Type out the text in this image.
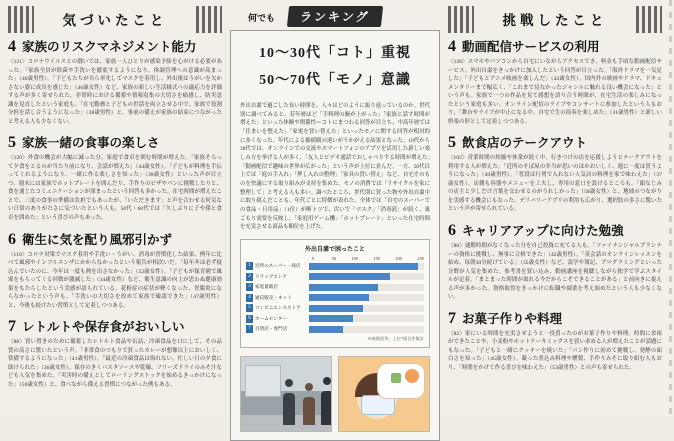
気づいたこと
4 家族のリスクマネジメント能力
〈121〉コロナウイルスとの闘いでは、家族一人ひとりが感染予防を心がける必要があった。「家族全員が除菌や手洗いを徹底するようになり、体調管理への意識が高まった」（40歳男性）。「子どもたちが自ら率先してマスクを着用し、外出後はうがいを欠かさない姿に成長を感じた」（46歳女性）など、家族の新しい生活様式への適応力を評価する声が多く寄せられた。非常時における備蓄や情報収集の大切さを痛感し、防災意識を見直したという家庭も。「在宅勤務と子どもの世話を両立させる中で、家族で役割分担を話し合うようになった」（38歳男性）と、事前の備えが家族の結束につながったと考える人も少なくない。
5 家族一緒の食事の楽しさ
〈120〉外食の機会が大幅に減った分、家庭で食卓を囲む時間が増えた。「家族そろって夕食をとるのが当たり前になり、会話が増えた」（44歳女性）。「子どもが料理を手伝ってくれるようになり、一緒に作る楽しさを知った」（39歳女性）といった声が目立つ。週末には家族でホットプレートを囲んだり、手作りのピザやパンに挑戦したりと、食を通じたコミュニケーションが深まったという回答も多かった。在宅時間が増えたことで、三度の食事の準備は負担でもあったが、「いただきます」と声を合わせる何気ない日常のありがたさに気づいたという人も。50代・60代では「久しぶりに子や孫と食卓を囲めた」という喜びの声もあった。
6 衛生に気を配り風邪引かず
〈110〉コロナ対策でマスク着用や手洗い・うがい、消毒が習慣化した結果、例年に比べて風邪やインフルエンザにかからなかったという報告が相次いだ。「毎年冬は必ず寝込んでいたのに、今年は一度も熱を出さなかった」（52歳女性）。「子どもが保育園で風邪をもらってくる回数が激減した」（34歳女性）など、衛生意識の向上が思わぬ健康効果をもたらしたという実感が語られている。花粉症の症状が軽くなった、胃腸炎にならなかったという声も。「手洗いの大切さを改めて家族で確認できた」（47歳男性）と、今後も続けたい習慣として定着しつつある。
7 レトルトや保存食がおいしい
〈88〉買い置きのために備蓄したレトルト食品や缶詰、冷凍食品を口にして、その品質の高さに驚いたという声。「非常食のつもりで買ったカレーが想像以上においしく、常備するようになった」（41歳男性）。「最近の冷凍食品は侮れない。忙しい日の夕食に助けられた」（36歳女性）。保存のきくパスタソースや乾麺、フリーズドライのみそ汁なども人気を集めた。「災害時の備えとしてローリングストックを始めるきっかけになった」（50歳女性）と、食べながら備える習慣につながった例もある。
何でも ランキング
10〜30代「コト」重視
50〜70代「モノ」意識
外出自粛で過ごした長い時間を、人々はどのように振り返っているのか。世代別に調べてみると、若年層ほど「手料理の腕が上がった」「家族と話す時間が増えた」といった体験や関係性＝コトにまつわる回答が目立ち、中高年層では「住まいを整えた」「家電を買い替えた」といったモノに関する回答が相対的に多くなった。年代による価値観の違いがうかがえる結果となった。10代から30代では、オンラインでの交流やスマートフォンのアプリを活用した新しい楽しみ方を挙げる人が多く、「友人とビデオ通話でおしゃべりする時間が増えた」「動画配信で趣味の世界が広がった」という声が上位に並んだ。一方、50代以上では「庭の手入れ」「押し入れの整理」「家具の買い替え」など、自宅そのものを快適にする取り組みが支持を集めた。モノの消費では「リサイクルを家に整理して」と考える人も多い。調べたところ、世代別に買った物や外出自粛中に取り組んだことも、年代ごとに特徴が表れた。全体では「自宅のスーパーでの食品・日用品」（1位）が断トツで、次いで「マスク」「消毒液」が続く。巣ごもり需要を反映し、「家庭用ゲーム機」「ホットプレート」といった在宅時間を充実させる商品も順位を上げた。
外出自粛で困ったこと
0	50	100	150	200	250
1 近所のスーパー・商店
2 ドラッグストア
3 家電量販店
4 通信販売・ネット
5 コンビニエンスストア
6 ホームセンター
7 百貨店・専門店
※複数回答、上位7項目を集計
挑戦したこと
4 動画配信サービスの利用
〈128〉スマホやパソコンから自宅にいながらアクセスでき、料金も手頃な動画配信サービス。外出自粛をきっかけに加入したという回答が目立った。「海外ドラマを一気見した」「子どもとアニメ映画を楽しんだ」（43歳女性）。国内外の映画やドラマ、ドキュメンタリーまで幅広く、「これまで見なかったジャンルに触れる良い機会になった」という声も。家族で一つの作品を見て感想を語り合う時間が、在宅生活の楽しみになったという家庭も多い。オンライン配信のライブやコンサートに参加したという人もおり、「舞台やライブが中止になる中、自宅で生の演奏を楽しめた」（31歳男性）と新しい娯楽の形として定着しつつある。
5 飲食店のテークアウト
〈102〉営業時間の短縮や休業が続く中、行きつけの店を応援しようとテークアウトを利用する人が増えた。「近所のそば屋の弁当が思いのほかおいしく、週に一度は買うようになった」（49歳男性）。「普段は行列で入れない人気店の料理を家で味わえた」（37歳女性）。店側も容器やメニューを工夫し、専用の窓口を設けるところも。「顔なじみの店主と少しだけ言葉を交わせるのがうれしかった」（58歳女性）と、地域のつながりを実感する機会にもなった。デリバリーアプリの利用も広がり、選択肢の多さに驚いたという声が寄せられている。
6 キャリアアップに向けた勉強
〈88〉通勤時間がなくなった分を自己投資に充てる人も。「ファイナンシャルプランナーの資格に挑戦し、無事に合格できた」（42歳男性）。「英会話のオンラインレッスンを始め、毎朝30分続けている」（35歳女性）など、語学や簿記、プログラミングといった分野が人気を集めた。参考書を買い込み、動画講座を視聴しながら独学で学ぶスタイルが定着。「まとまった時間が取れる今だからこそできることがある」と前向きに捉える声が多かった。資格取得をきっかけに転職や副業を考え始めたという人も少なくない。
7 お菓子作りや料理
〈82〉家にいる時間を充実させようと一役買ったのがお菓子作りや料理。時間に余裕ができたことや、小麦粉やホットケーキミックスを買い求める人が増えたことが話題にもなった。「子どもと一緒にクッキーを焼いた」「パン作りに初めて挑戦し、発酵の面白さを知った」（45歳女性）。凝った煮込み料理や燻製、手作りみそに取り組む人もおり、「時間をかけて作る喜びを味わえた」（53歳男性）との声も寄せられた。
